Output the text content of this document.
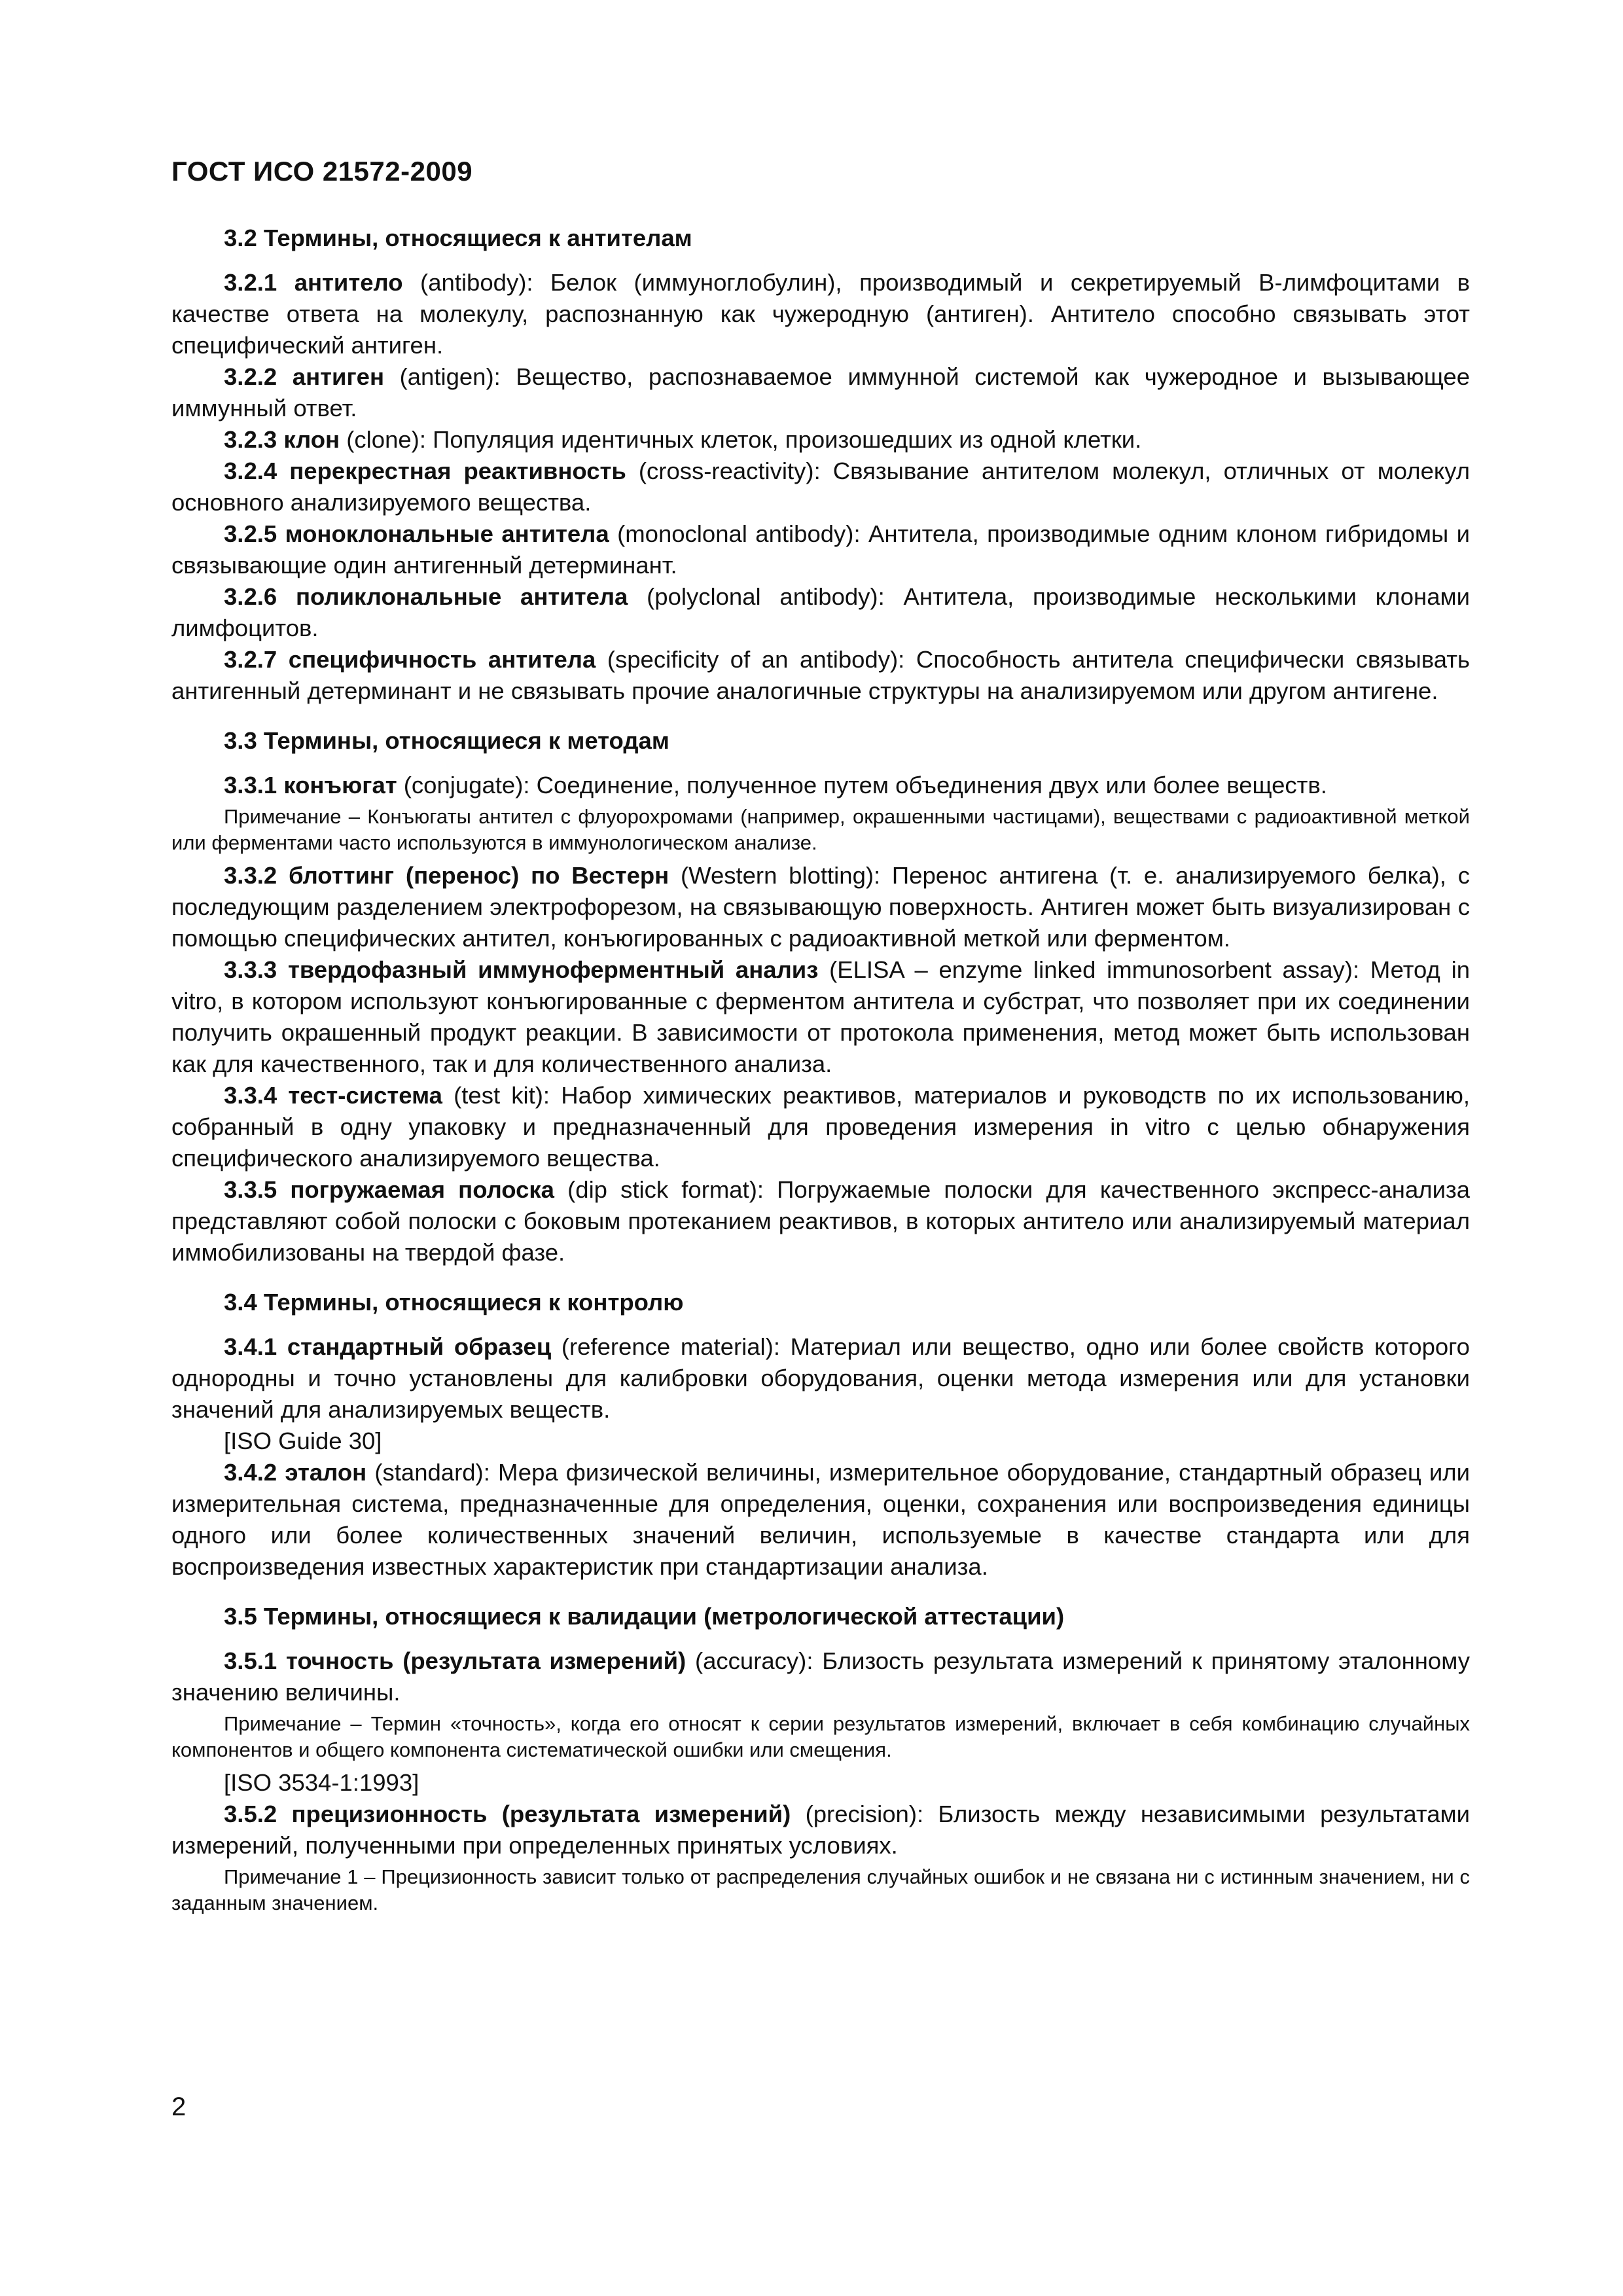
ГОСТ ИСО 21572-2009

3.2 Термины, относящиеся к антителам

3.2.1 антитело (antibody): Белок (иммуноглобулин), производимый и секретируемый В-лимфоцитами в качестве ответа на молекулу, распознанную как чужеродную (антиген). Антитело способно связывать этот специфический антиген.

3.2.2 антиген (antigen): Вещество, распознаваемое иммунной системой как чужеродное и вызывающее иммунный ответ.

3.2.3 клон (clone): Популяция идентичных клеток, произошедших из одной клетки.

3.2.4 перекрестная реактивность (cross-reactivity): Связывание антителом молекул, отличных от молекул основного анализируемого вещества.

3.2.5 моноклональные антитела (monoclonal antibody): Антитела, производимые одним клоном гибридомы и связывающие один антигенный детерминант.

3.2.6 поликлональные антитела (polyclonal antibody): Антитела, производимые несколькими клонами лимфоцитов.

3.2.7 специфичность антитела (specificity of an antibody): Способность антитела специфически связывать антигенный детерминант и не связывать прочие аналогичные структуры на анализируемом или другом антигене.

3.3 Термины, относящиеся к методам

3.3.1 конъюгат (conjugate): Соединение, полученное путем объединения двух или более веществ.

Примечание – Конъюгаты антител с флуорохромами (например, окрашенными частицами), веществами с радиоактивной меткой или ферментами часто используются в иммунологическом анализе.

3.3.2 блоттинг (перенос) по Вестерн (Western blotting): Перенос антигена (т. е. анализируемого белка), с последующим разделением электрофорезом, на связывающую поверхность. Антиген может быть визуализирован с помощью специфических антител, конъюгированных с радиоактивной меткой или ферментом.

3.3.3 твердофазный иммуноферментный анализ (ELISA – enzyme linked immunosorbent assay): Метод in vitro, в котором используют конъюгированные с ферментом антитела и субстрат, что позволяет при их соединении получить окрашенный продукт реакции. В зависимости от протокола применения, метод может быть использован как для качественного, так и для количественного анализа.

3.3.4 тест-система (test kit): Набор химических реактивов, материалов и руководств по их использованию, собранный в одну упаковку и предназначенный для проведения измерения in vitro с целью обнаружения специфического анализируемого вещества.

3.3.5 погружаемая полоска (dip stick format): Погружаемые полоски для качественного экспресс-анализа представляют собой полоски с боковым протеканием реактивов, в которых антитело или анализируемый материал иммобилизованы на твердой фазе.

3.4 Термины, относящиеся к контролю

3.4.1 стандартный образец (reference material): Материал или вещество, одно или более свойств которого однородны и точно установлены для калибровки оборудования, оценки метода измерения или для установки значений для анализируемых веществ.

[ISO Guide 30]

3.4.2 эталон (standard): Мера физической величины, измерительное оборудование, стандартный образец или измерительная система, предназначенные для определения, оценки, сохранения или воспроизведения единицы одного или более количественных значений величин, используемые в качестве стандарта или для воспроизведения известных характеристик при стандартизации анализа.

3.5 Термины, относящиеся к валидации (метрологической аттестации)

3.5.1 точность (результата измерений) (accuracy): Близость результата измерений к принятому эталонному значению величины.

Примечание – Термин «точность», когда его относят к серии результатов измерений, включает в себя комбинацию случайных компонентов и общего компонента систематической ошибки или смещения.

[ISO 3534-1:1993]

3.5.2 прецизионность (результата измерений) (precision): Близость между независимыми результатами измерений, полученными при определенных принятых условиях.

Примечание 1 – Прецизионность зависит только от распределения случайных ошибок и не связана ни с истинным значением, ни с заданным значением.

2
